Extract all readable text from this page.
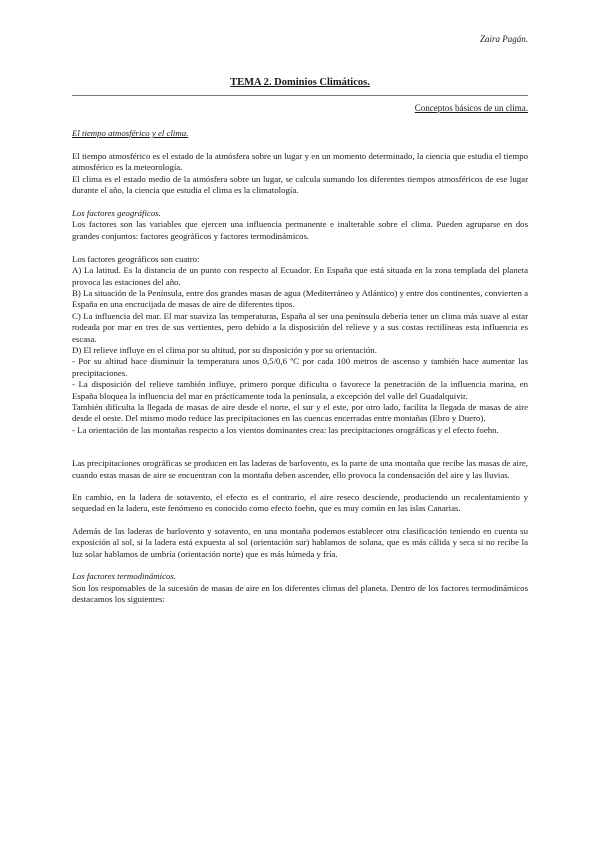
Zaira Pagán.
TEMA 2. Dominios Climáticos.
Conceptos básicos de un clima.

El tiempo atmosférico y el clima.

El tiempo atmosférico es el estado de la atmósfera sobre un lugar y en un momento determinado, la ciencia que estudia el tiempo atmosférico es la meteorología.

El clima es el estado medio de la atmósfera sobre un lugar, se calcula sumando los diferentes tiempos atmosféricos de ese lugar durante el año, la ciencia que estudia el clima es la climatología.

Los factores geográficos.

Los factores son las variables que ejercen una influencia permanente e inalterable sobre el clima. Pueden agruparse en dos grandes conjuntos: factores geográficos y factores termodinámicos.

Los factores geográficos son cuatro:

A) La latitud. Es la distancia de un punto con respecto al Ecuador. En España que está situada en la zona templada del planeta provoca las estaciones del año.

B) La situación de la Península, entre dos grandes masas de agua (Mediterráneo y Atlántico) y entre dos continentes, convierten a España en una encrucijada de masas de aire de diferentes tipos.

C) La influencia del mar. El mar suaviza las temperaturas, España al ser una península debería tener un clima más suave al estar rodeada por mar en tres de sus vertientes, pero debido a la disposición del relieve y a sus costas rectilíneas esta influencia es escasa.

D) El relieve influye en el clima por su altitud, por su disposición y por su orientación.

- Por su altitud hace disminuir la temperatura unos 0,5/0,6 ºC por cada 100 metros de ascenso y también hace aumentar las precipitaciones.

- La disposición del relieve también influye, primero porque dificulta o favorece la penetración de la influencia marina, en España bloquea la influencia del mar en prácticamente toda la península, a excepción del valle del Guadalquivir.

También dificulta la llegada de masas de aire desde el norte, el sur y el este, por otro lado, facilita la llegada de masas de aire desde el oeste. Del mismo modo reduce las precipitaciones en las cuencas encerradas entre montañas (Ebro y Duero).

- La orientación de las montañas respecto a los vientos dominantes crea: las precipitaciones orográficas y el efecto foehn.

Las precipitaciones orográficas se producen en las laderas de barlovento, es la parte de una montaña que recibe las masas de aire, cuando estas masas de aire se encuentran con la montaña deben ascender, ello provoca la condensación del aire y las lluvias.

En cambio, en la ladera de sotavento, el efecto es el contrario, el aire reseco desciende, produciendo un recalentamiento y sequedad en la ladera, este fenómeno es conocido como efecto foehn, que es muy común en las islas Canarias.

Además de las laderas de barlovento y sotavento, en una montaña podemos establecer otra clasificación teniendo en cuenta su exposición al sol, si la ladera está expuesta al sol (orientación sur) hablamos de solana, que es más cálida y seca si no recibe la luz solar hablamos de umbría (orientación norte) que es más húmeda y fría.

Los factores termodinámicos.

Son los responsables de la sucesión de masas de aire en los diferentes climas del planeta. Dentro de los factores termodinámicos destacamos los siguientes:
